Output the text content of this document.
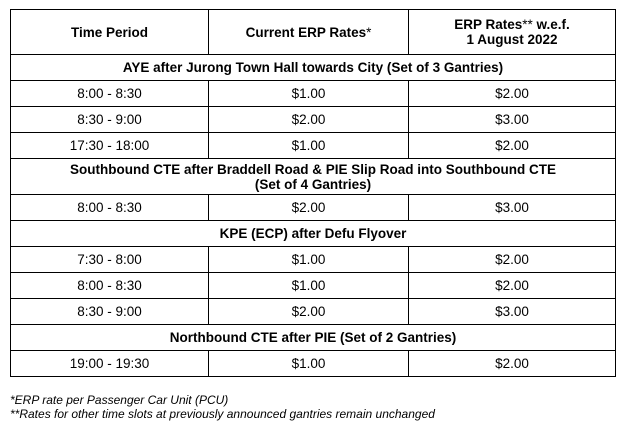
Time Period	Current ERP Rates*	ERP Rates** w.e.f.
1 August 2022
AYE after Jurong Town Hall towards City (Set of 3 Gantries)		
8:00 - 8:30	$1.00	$2.00
8:30 - 9:00	$2.00	$3.00
17:30 - 18:00	$1.00	$2.00
Southbound CTE after Braddell Road & PIE Slip Road into Southbound CTE
(Set of 4 Gantries)		
8:00 - 8:30	$2.00	$3.00
KPE (ECP) after Defu Flyover		
7:30 - 8:00	$1.00	$2.00
8:00 - 8:30	$1.00	$2.00
8:30 - 9:00	$2.00	$3.00
Northbound CTE after PIE (Set of 2 Gantries)		
19:00 - 19:30	$1.00	$2.00
*ERP rate per Passenger Car Unit (PCU)
**Rates for other time slots at previously announced gantries remain unchanged
